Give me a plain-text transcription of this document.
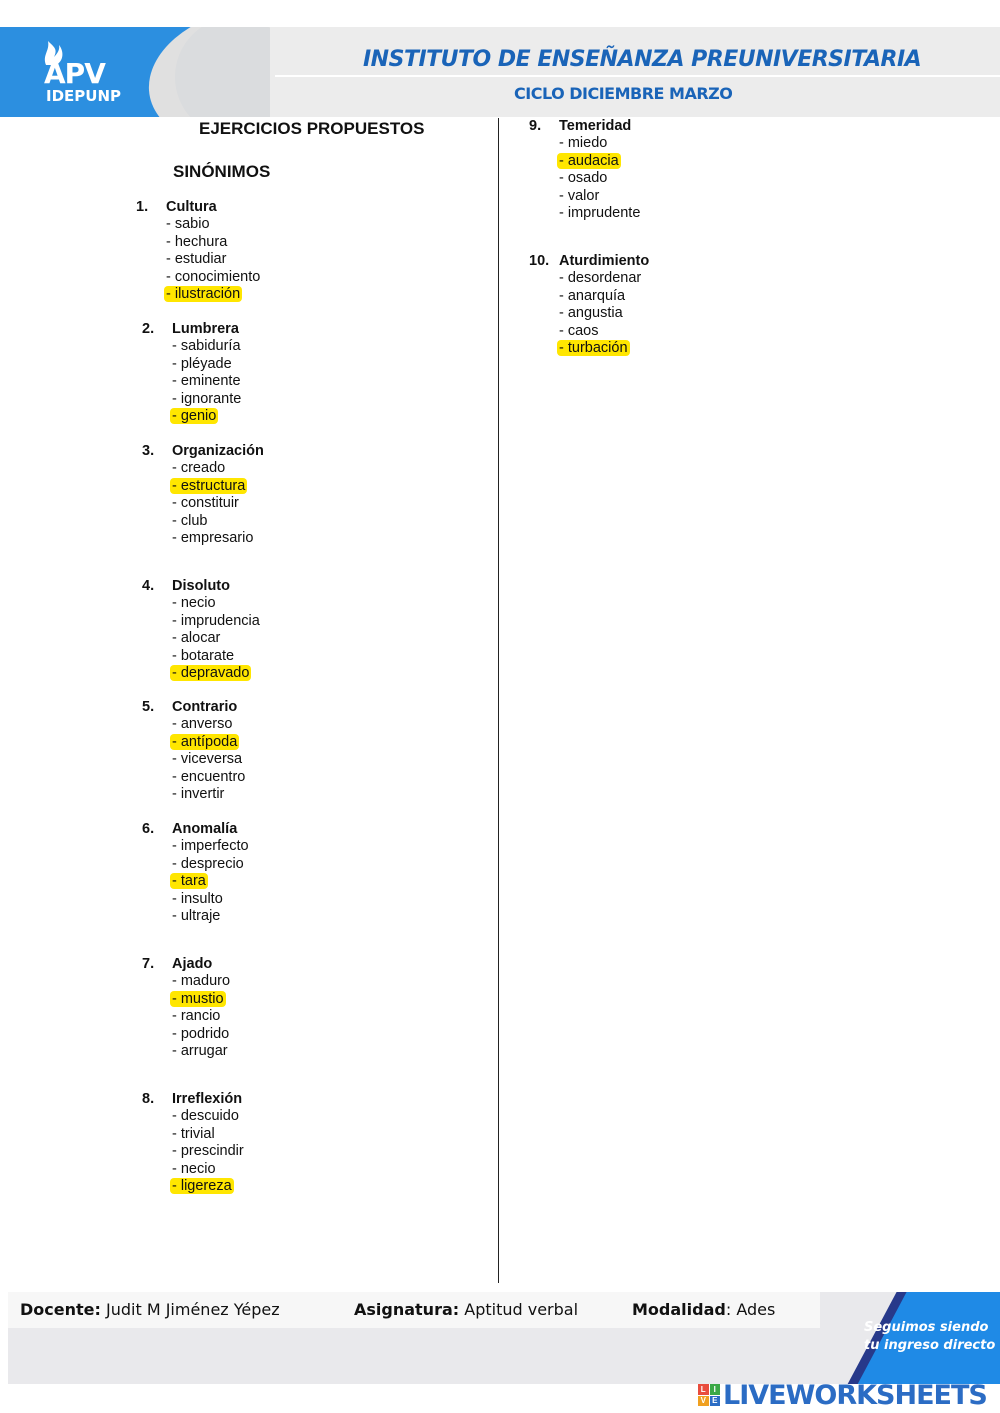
APV
IDEPUNP
INSTITUTO DE ENSEÑANZA PREUNIVERSITARIA
CICLO DICIEMBRE MARZO
EJERCICIOS PROPUESTOS
SINÓNIMOS
1.	Cultura
- sabio
- hechura
- estudiar
- conocimiento
- ilustración
2.	Lumbrera
- sabiduría
- pléyade
- eminente
- ignorante
- genio
3.	Organización
- creado
- estructura
- constituir
- club
- empresario
4.	Disoluto
- necio
- imprudencia
- alocar
- botarate
- depravado
5.	Contrario
- anverso
- antípoda
- viceversa
- encuentro
- invertir
6.	Anomalía
- imperfecto
- desprecio
- tara
- insulto
- ultraje
7.	Ajado
- maduro
- mustio
- rancio
- podrido
- arrugar
8.	Irreflexión
- descuido
- trivial
- prescindir
- necio
- ligereza
9.	Temeridad
- miedo
- audacia
- osado
- valor
- imprudente
10. Aturdimiento
- desordenar
- anarquía
- angustia
- caos
- turbación
Docente: Judit M Jiménez Yépez	Asignatura: Aptitud verbal	Modalidad: Ades
Seguimos siendo
tu ingreso directo
L I
V E LIVEWORKSHEETS
